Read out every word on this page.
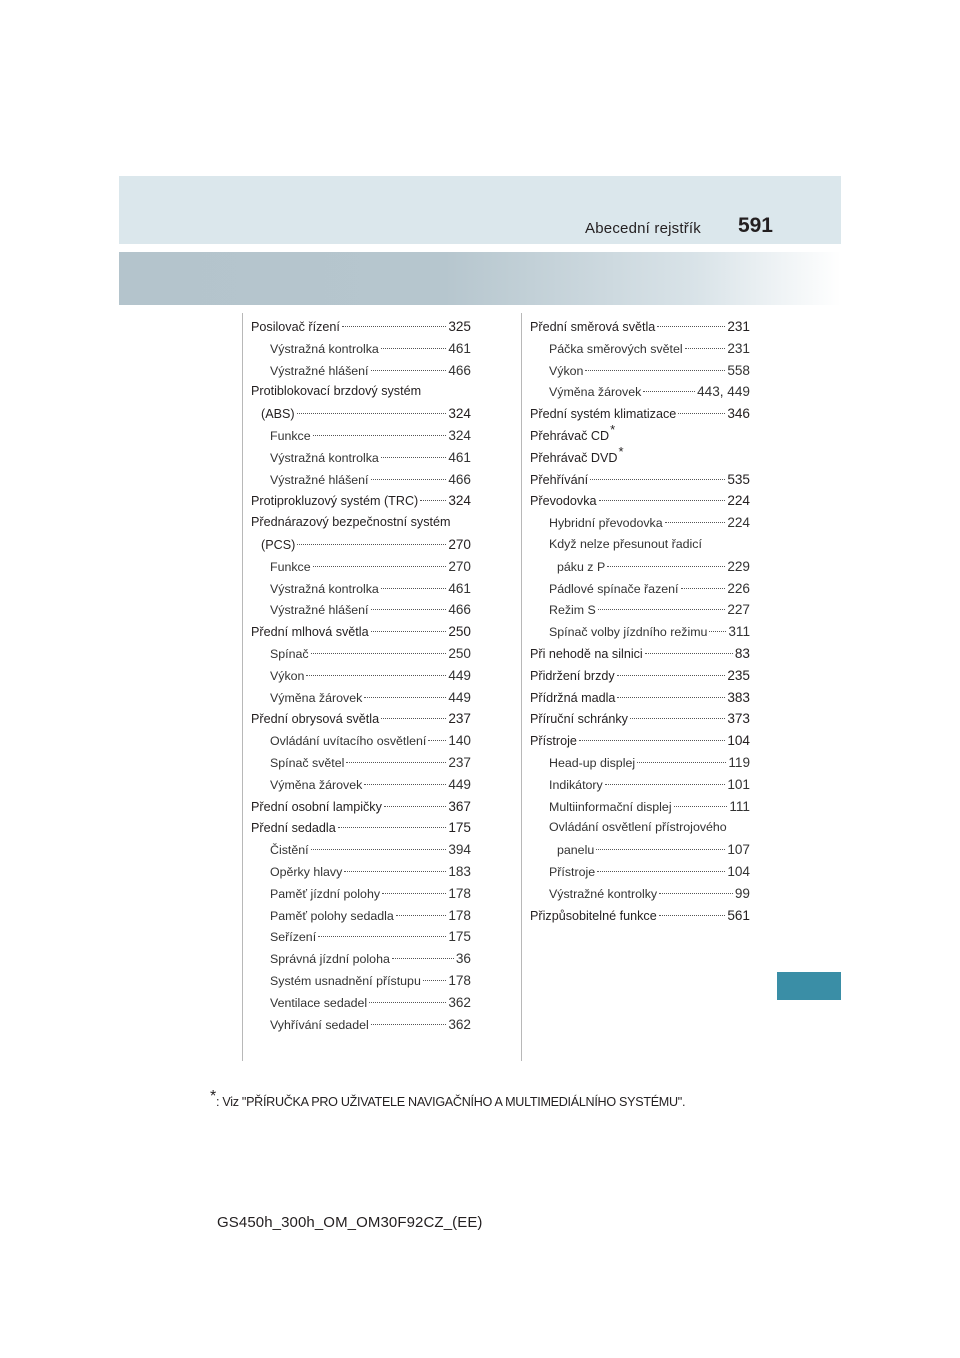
Abecední rejstřík 591
Posilovač řízení	325
Výstražná kontrolka	461
Výstražné hlášení	466
Protiblokovací brzdový systém
(ABS)	324
Funkce	324
Výstražná kontrolka	461
Výstražné hlášení	466
Protiprokluzový systém (TRC) 324
Přednárazový bezpečnostní systém
(PCS)	270
Funkce	270
Výstražná kontrolka	461
Výstražné hlášení	466
Přední mlhová světla	250
Spínač	250
Výkon	449
Výměna žárovek	449
Přední obrysová světla	237
Ovládání uvítacího osvětlení 140
Spínač světel	237
Výměna žárovek	449
Přední osobní lampičky	367
Přední sedadla	175
Čistění	394
Opěrky hlavy	183
Paměť jízdní polohy	178
Paměť polohy sedadla	178
Seřízení	175
Správná jízdní poloha	36
Systém usnadnění přístupu 178
Ventilace sedadel	362
Vyhřívání sedadel	362
Přední směrová světla	231
Páčka směrových světel	231
Výkon	558
Výměna žárovek	443, 449
Přední systém klimatizace	346
Přehrávač CD *
Přehrávač DVD *
Přehřívání	535
Převodovka	224
Hybridní převodovka	224
Když nelze přesunout řadicí
páku z P	229
Pádlové spínače řazení	226
Režim S	227
Spínač volby jízdního režimu 311
Při nehodě na silnici	83
Přidržení brzdy	235
Přídržná madla	383
Příruční schránky	373
Přístroje	104
Head-up displej	119
Indikátory	101
Multiinformační displej	111
Ovládání osvětlení přístrojového
panelu	107
Přístroje	104
Výstražné kontrolky	99
Přizpůsobitelné funkce	561
*: Viz "PŘÍRUČKA PRO UŽIVATELE NAVIGAČNÍHO A MULTIMEDIÁLNÍHO SYSTÉMU".
GS450h_300h_OM_OM30F92CZ_(EE)
